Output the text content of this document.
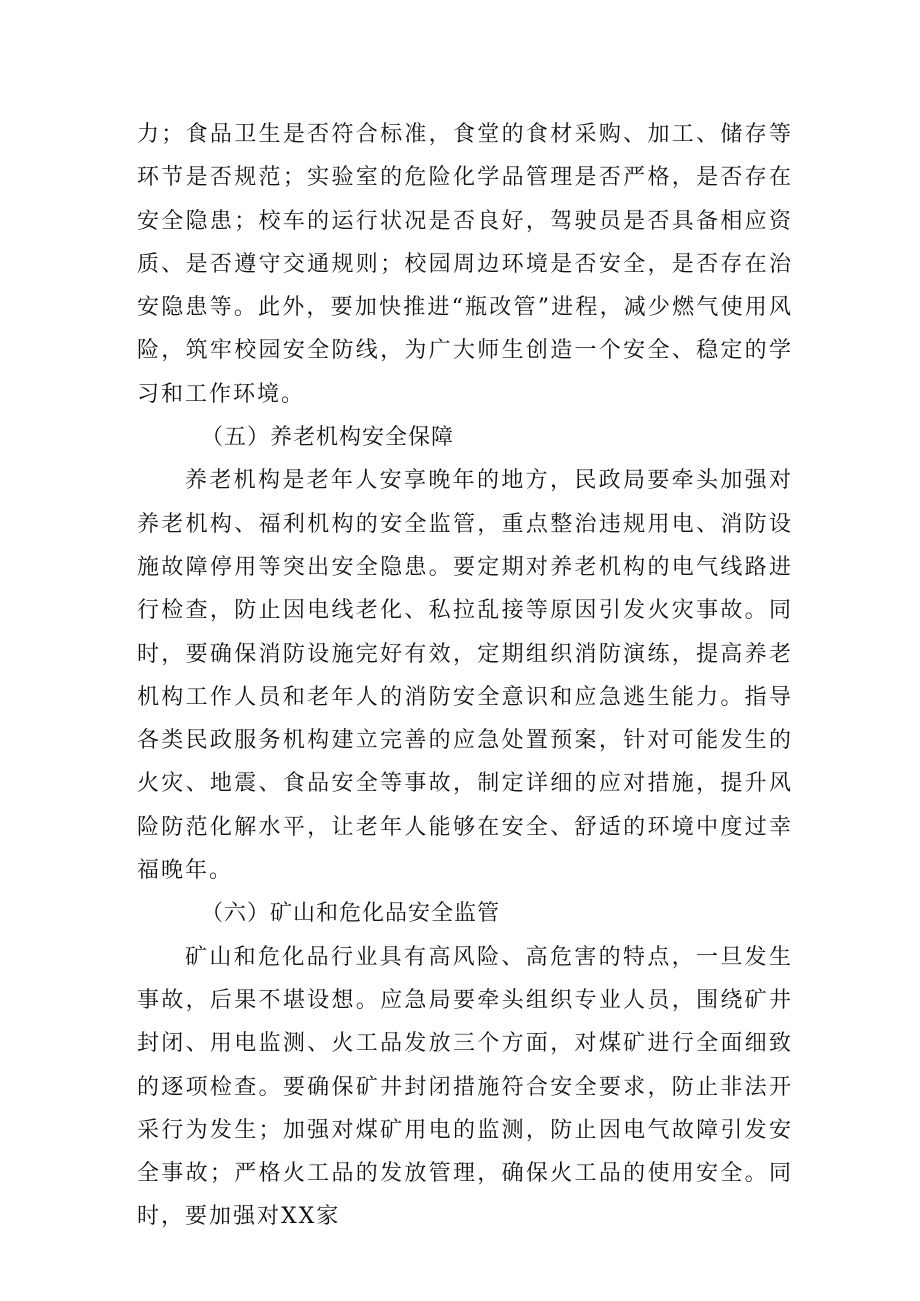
力；食品卫生是否符合标准，食堂的食材采购、加工、储存等环节是否规范；实验室的危险化学品管理是否严格，是否存在安全隐患；校车的运行状况是否良好，驾驶员是否具备相应资质、是否遵守交通规则；校园周边环境是否安全，是否存在治安隐患等。此外，要加快推进“瓶改管”进程，减少燃气使用风险，筑牢校园安全防线，为广大师生创造一个安全、稳定的学习和工作环境。

（五）养老机构安全保障

养老机构是老年人安享晚年的地方，民政局要牵头加强对养老机构、福利机构的安全监管，重点整治违规用电、消防设施故障停用等突出安全隐患。要定期对养老机构的电气线路进行检查，防止因电线老化、私拉乱接等原因引发火灾事故。同时，要确保消防设施完好有效，定期组织消防演练，提高养老机构工作人员和老年人的消防安全意识和应急逃生能力。指导各类民政服务机构建立完善的应急处置预案，针对可能发生的火灾、地震、食品安全等事故，制定详细的应对措施，提升风险防范化解水平，让老年人能够在安全、舒适的环境中度过幸福晚年。

（六）矿山和危化品安全监管

矿山和危化品行业具有高风险、高危害的特点，一旦发生事故，后果不堪设想。应急局要牵头组织专业人员，围绕矿井封闭、用电监测、火工品发放三个方面，对煤矿进行全面细致的逐项检查。要确保矿井封闭措施符合安全要求，防止非法开采行为发生；加强对煤矿用电的监测，防止因电气故障引发安全事故；严格火工品的发放管理，确保火工品的使用安全。同时，要加强对XX家
